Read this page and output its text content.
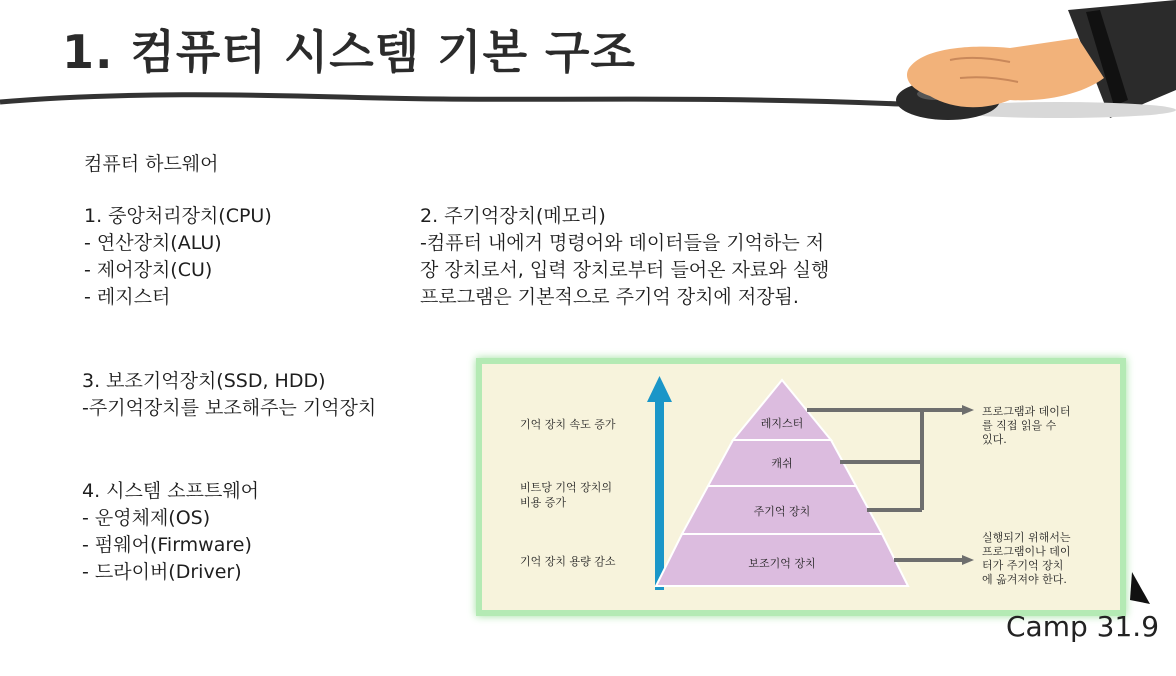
1. 컴퓨터 시스템 기본 구조
컴퓨터 하드웨어
1. 중앙처리장치(CPU)
- 연산장치(ALU)
- 제어장치(CU)
- 레지스터
2. 주기억장치(메모리)
-컴퓨터 내에거 명령어와 데이터들을 기억하는 저
장 장치로서, 입력 장치로부터 들어온 자료와 실행
프로그램은 기본적으로 주기억 장치에 저장됨.
3. 보조기억장치(SSD, HDD)
-주기억장치를 보조해주는 기억장치
4. 시스템 소프트웨어
- 운영체제(OS)
- 펌웨어(Firmware)
- 드라이버(Driver)
기억 장치 속도 증가
비트당 기억 장치의
비용 증가
기억 장치 용량 감소
레지스터
캐쉬
주기억 장치
보조기억 장치
프로그램과 데이터
를 직접 읽을 수
있다.
실행되기 위해서는
프로그램이나 데이
터가 주기억 장치
에 옮겨져야 한다.
Camp 31.9
